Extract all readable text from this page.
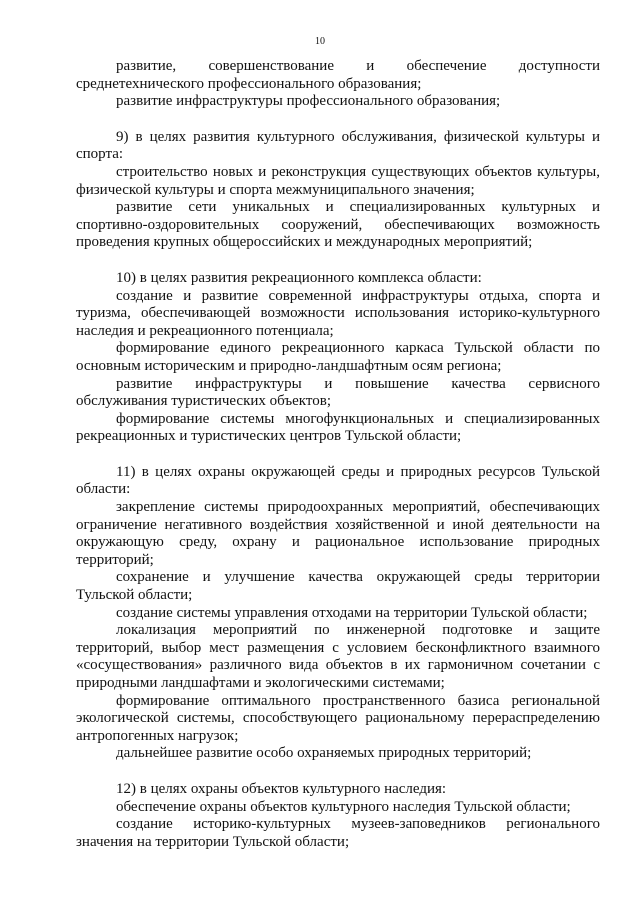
10

развитие, совершенствование и обеспечение доступности среднетехнического профессионального образования;

развитие инфраструктуры профессионального образования;

9) в целях развития культурного обслуживания, физической культуры и спорта:

строительство новых и реконструкция существующих объектов культуры, физической культуры и спорта межмуниципального значения;

развитие сети уникальных и специализированных культурных и спортивно-оздоровительных сооружений, обеспечивающих возможность проведения крупных общероссийских и международных мероприятий;

10) в целях развития рекреационного комплекса области:

создание и развитие современной инфраструктуры отдыха, спорта и туризма, обеспечивающей возможности использования историко-культурного наследия и рекреационного потенциала;

формирование единого рекреационного каркаса Тульской области по основным историческим и природно-ландшафтным осям региона;

развитие инфраструктуры и повышение качества сервисного обслуживания туристических объектов;

формирование системы многофункциональных и специализированных рекреационных и туристических центров Тульской области;

11) в целях охраны окружающей среды и природных ресурсов Тульской области:

закрепление системы природоохранных мероприятий, обеспечивающих ограничение негативного воздействия хозяйственной и иной деятельности на окружающую среду, охрану и рациональное использование природных территорий;

сохранение и улучшение качества окружающей среды территории Тульской области;

создание системы управления отходами на территории Тульской области;

локализация мероприятий по инженерной подготовке и защите территорий, выбор мест размещения с условием бесконфликтного взаимного «сосуществования» различного вида объектов в их гармоничном сочетании с природными ландшафтами и экологическими системами;

формирование оптимального пространственного базиса региональной экологической системы, способствующего рациональному перераспределению антропогенных нагрузок;

дальнейшее развитие особо охраняемых природных территорий;

12) в целях охраны объектов культурного наследия:

обеспечение охраны объектов культурного наследия Тульской области;

создание историко-культурных музеев-заповедников регионального значения на территории Тульской области;
